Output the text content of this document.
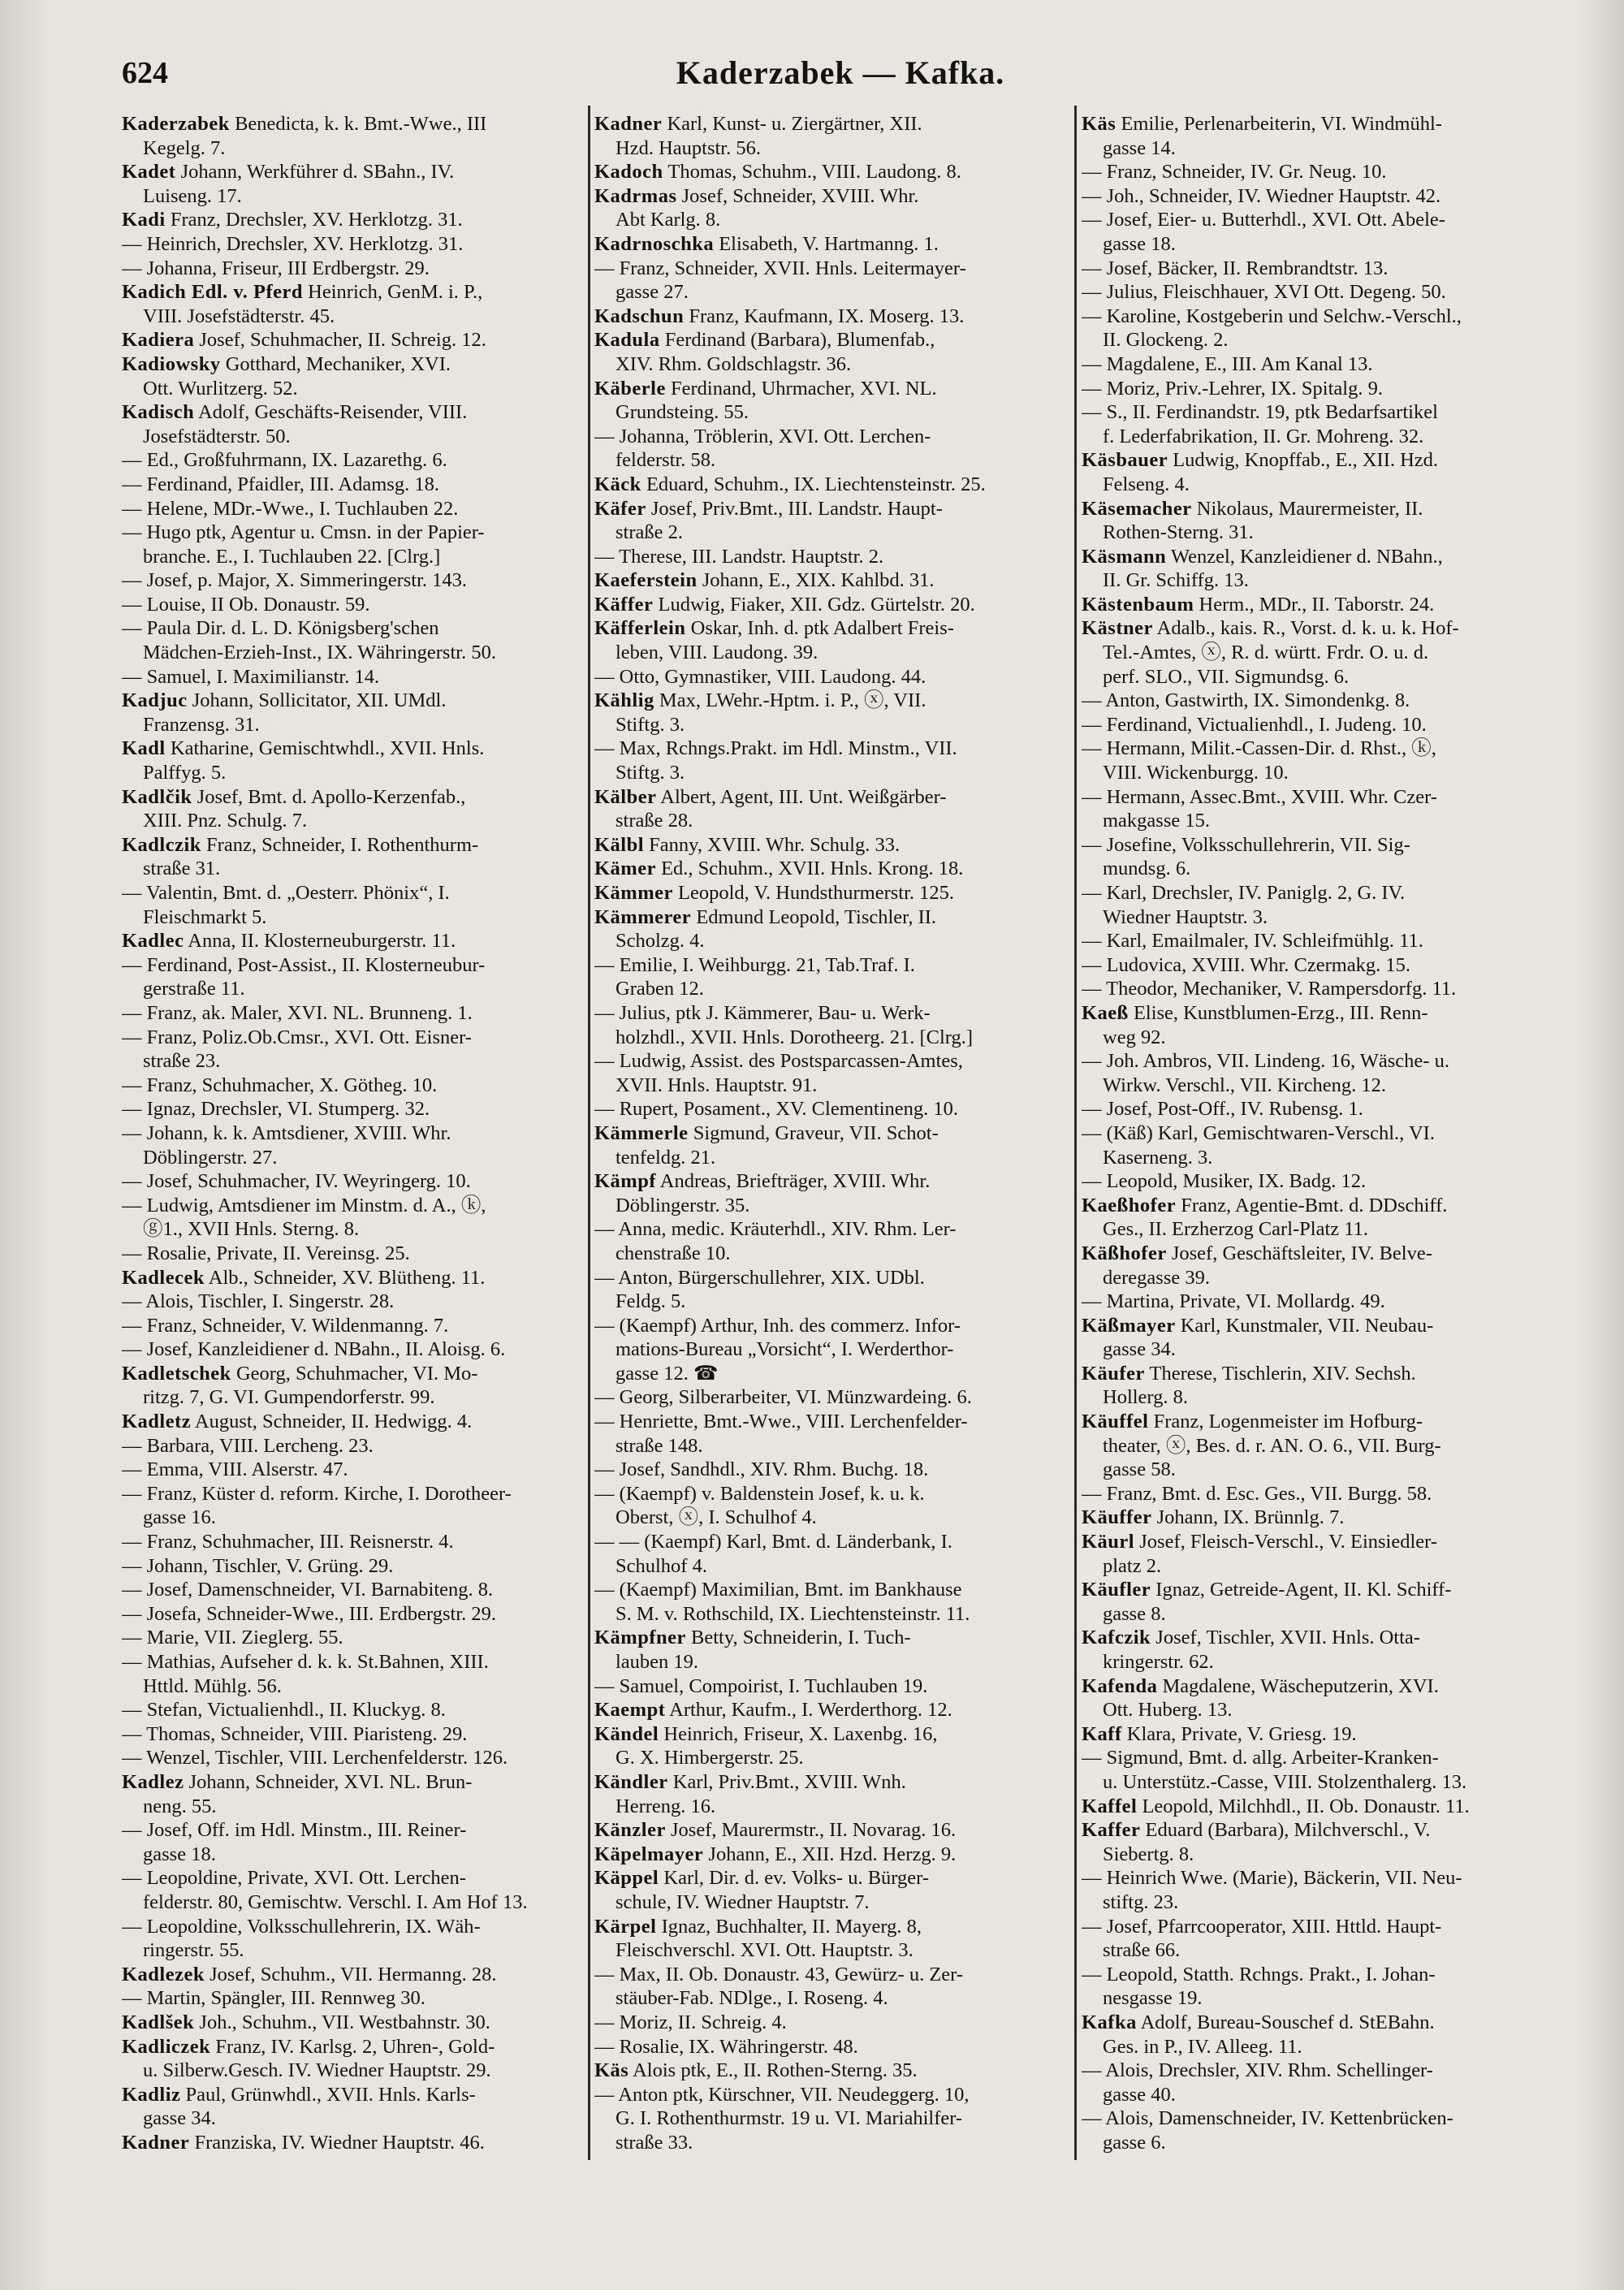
624	Kaderzabek — Kafka.
Kaderzabek Benedicta, k. k. Bmt.-Wwe., III
Kegelg. 7.
Kadet Johann, Werkführer d. SBahn., IV.
Luiseng. 17.
Kadi Franz, Drechsler, XV. Herklotzg. 31.
— Heinrich, Drechsler, XV. Herklotzg. 31.
— Johanna, Friseur, III Erdbergstr. 29.
Kadich Edl. v. Pferd Heinrich, GenM. i. P.,
VIII. Josefstädterstr. 45.
Kadiera Josef, Schuhmacher, II. Schreig. 12.
Kadiowsky Gotthard, Mechaniker, XVI.
Ott. Wurlitzerg. 52.
Kadisch Adolf, Geschäfts-Reisender, VIII.
Josefstädterstr. 50.
— Ed., Großfuhrmann, IX. Lazarethg. 6.
— Ferdinand, Pfaidler, III. Adamsg. 18.
— Helene, MDr.-Wwe., I. Tuchlauben 22.
— Hugo ptk, Agentur u. Cmsn. in der Papier-
branche. E., I. Tuchlauben 22. [Clrg.]
— Josef, p. Major, X. Simmeringerstr. 143.
— Louise, II Ob. Donaustr. 59.
— Paula Dir. d. L. D. Königsberg'schen
Mädchen-Erzieh-Inst., IX. Währingerstr. 50.
— Samuel, I. Maximilianstr. 14.
Kadjuc Johann, Sollicitator, XII. UMdl.
Franzensg. 31.
Kadl Katharine, Gemischtwhdl., XVII. Hnls.
Palffyg. 5.
Kadlčik Josef, Bmt. d. Apollo-Kerzenfab.,
XIII. Pnz. Schulg. 7.
Kadlczik Franz, Schneider, I. Rothenthurm-
straße 31.
— Valentin, Bmt. d. „Oesterr. Phönix“, I.
Fleischmarkt 5.
Kadlec Anna, II. Klosterneuburgerstr. 11.
— Ferdinand, Post-Assist., II. Klosterneubur-
gerstraße 11.
— Franz, ak. Maler, XVI. NL. Brunneng. 1.
— Franz, Poliz.Ob.Cmsr., XVI. Ott. Eisner-
straße 23.
— Franz, Schuhmacher, X. Götheg. 10.
— Ignaz, Drechsler, VI. Stumperg. 32.
— Johann, k. k. Amtsdiener, XVIII. Whr.
Döblingerstr. 27.
— Josef, Schuhmacher, IV. Weyringerg. 10.
— Ludwig, Amtsdiener im Minstm. d. A., ⓚ,
ⓖ1., XVII Hnls. Sterng. 8.
— Rosalie, Private, II. Vereinsg. 25.
Kadlecek Alb., Schneider, XV. Blütheng. 11.
— Alois, Tischler, I. Singerstr. 28.
— Franz, Schneider, V. Wildenmanng. 7.
— Josef, Kanzleidiener d. NBahn., II. Aloisg. 6.
Kadletschek Georg, Schuhmacher, VI. Mo-
ritzg. 7, G. VI. Gumpendorferstr. 99.
Kadletz August, Schneider, II. Hedwigg. 4.
— Barbara, VIII. Lercheng. 23.
— Emma, VIII. Alserstr. 47.
— Franz, Küster d. reform. Kirche, I. Dorotheer-
gasse 16.
— Franz, Schuhmacher, III. Reisnerstr. 4.
— Johann, Tischler, V. Grüng. 29.
— Josef, Damenschneider, VI. Barnabiteng. 8.
— Josefa, Schneider-Wwe., III. Erdbergstr. 29.
— Marie, VII. Zieglerg. 55.
— Mathias, Aufseher d. k. k. St.Bahnen, XIII.
Httld. Mühlg. 56.
— Stefan, Victualienhdl., II. Kluckyg. 8.
— Thomas, Schneider, VIII. Piaristeng. 29.
— Wenzel, Tischler, VIII. Lerchenfelderstr. 126.
Kadlez Johann, Schneider, XVI. NL. Brun-
neng. 55.
— Josef, Off. im Hdl. Minstm., III. Reiner-
gasse 18.
— Leopoldine, Private, XVI. Ott. Lerchen-
felderstr. 80, Gemischtw. Verschl. I. Am Hof 13.
— Leopoldine, Volksschullehrerin, IX. Wäh-
ringerstr. 55.
Kadlezek Josef, Schuhm., VII. Hermanng. 28.
— Martin, Spängler, III. Rennweg 30.
Kadlšek Joh., Schuhm., VII. Westbahnstr. 30.
Kadliczek Franz, IV. Karlsg. 2, Uhren-, Gold-
u. Silberw.Gesch. IV. Wiedner Hauptstr. 29.
Kadliz Paul, Grünwhdl., XVII. Hnls. Karls-
gasse 34.
Kadner Franziska, IV. Wiedner Hauptstr. 46.
Kadner Karl, Kunst- u. Ziergärtner, XII.
Hzd. Hauptstr. 56.
Kadoch Thomas, Schuhm., VIII. Laudong. 8.
Kadrmas Josef, Schneider, XVIII. Whr.
Abt Karlg. 8.
Kadrnoschka Elisabeth, V. Hartmanng. 1.
— Franz, Schneider, XVII. Hnls. Leitermayer-
gasse 27.
Kadschun Franz, Kaufmann, IX. Moserg. 13.
Kadula Ferdinand (Barbara), Blumenfab.,
XIV. Rhm. Goldschlagstr. 36.
Käberle Ferdinand, Uhrmacher, XVI. NL.
Grundsteing. 55.
— Johanna, Tröblerin, XVI. Ott. Lerchen-
felderstr. 58.
Käck Eduard, Schuhm., IX. Liechtensteinstr. 25.
Käfer Josef, Priv.Bmt., III. Landstr. Haupt-
straße 2.
— Therese, III. Landstr. Hauptstr. 2.
Kaeferstein Johann, E., XIX. Kahlbd. 31.
Käffer Ludwig, Fiaker, XII. Gdz. Gürtelstr. 20.
Käfferlein Oskar, Inh. d. ptk Adalbert Freis-
leben, VIII. Laudong. 39.
— Otto, Gymnastiker, VIII. Laudong. 44.
Kählig Max, LWehr.-Hptm. i. P., ⓧ, VII.
Stiftg. 3.
— Max, Rchngs.Prakt. im Hdl. Minstm., VII.
Stiftg. 3.
Kälber Albert, Agent, III. Unt. Weißgärber-
straße 28.
Kälbl Fanny, XVIII. Whr. Schulg. 33.
Kämer Ed., Schuhm., XVII. Hnls. Krong. 18.
Kämmer Leopold, V. Hundsthurmerstr. 125.
Kämmerer Edmund Leopold, Tischler, II.
Scholzg. 4.
— Emilie, I. Weihburgg. 21, Tab.Traf. I.
Graben 12.
— Julius, ptk J. Kämmerer, Bau- u. Werk-
holzhdl., XVII. Hnls. Dorotheerg. 21. [Clrg.]
— Ludwig, Assist. des Postsparcassen-Amtes,
XVII. Hnls. Hauptstr. 91.
— Rupert, Posament., XV. Clementineng. 10.
Kämmerle Sigmund, Graveur, VII. Schot-
tenfeldg. 21.
Kämpf Andreas, Briefträger, XVIII. Whr.
Döblingerstr. 35.
— Anna, medic. Kräuterhdl., XIV. Rhm. Ler-
chenstraße 10.
— Anton, Bürgerschullehrer, XIX. UDbl.
Feldg. 5.
— (Kaempf) Arthur, Inh. des commerz. Infor-
mations-Bureau „Vorsicht“, I. Werderthor-
gasse 12. ☎
— Georg, Silberarbeiter, VI. Münzwardeing. 6.
— Henriette, Bmt.-Wwe., VIII. Lerchenfelder-
straße 148.
— Josef, Sandhdl., XIV. Rhm. Buchg. 18.
— (Kaempf) v. Baldenstein Josef, k. u. k.
Oberst, ⓧ, I. Schulhof 4.
— — (Kaempf) Karl, Bmt. d. Länderbank, I.
Schulhof 4.
— (Kaempf) Maximilian, Bmt. im Bankhause
S. M. v. Rothschild, IX. Liechtensteinstr. 11.
Kämpfner Betty, Schneiderin, I. Tuch-
lauben 19.
— Samuel, Compoirist, I. Tuchlauben 19.
Kaempt Arthur, Kaufm., I. Werderthorg. 12.
Kändel Heinrich, Friseur, X. Laxenbg. 16,
G. X. Himbergerstr. 25.
Kändler Karl, Priv.Bmt., XVIII. Wnh.
Herreng. 16.
Känzler Josef, Maurermstr., II. Novarag. 16.
Käpelmayer Johann, E., XII. Hzd. Herzg. 9.
Käppel Karl, Dir. d. ev. Volks- u. Bürger-
schule, IV. Wiedner Hauptstr. 7.
Kärpel Ignaz, Buchhalter, II. Mayerg. 8,
Fleischverschl. XVI. Ott. Hauptstr. 3.
— Max, II. Ob. Donaustr. 43, Gewürz- u. Zer-
stäuber-Fab. NDlge., I. Roseng. 4.
— Moriz, II. Schreig. 4.
— Rosalie, IX. Währingerstr. 48.
Käs Alois ptk, E., II. Rothen-Sterng. 35.
— Anton ptk, Kürschner, VII. Neudeggerg. 10,
G. I. Rothenthurmstr. 19 u. VI. Mariahilfer-
straße 33.
Käs Emilie, Perlenarbeiterin, VI. Windmühl-
gasse 14.
— Franz, Schneider, IV. Gr. Neug. 10.
— Joh., Schneider, IV. Wiedner Hauptstr. 42.
— Josef, Eier- u. Butterhdl., XVI. Ott. Abele-
gasse 18.
— Josef, Bäcker, II. Rembrandtstr. 13.
— Julius, Fleischhauer, XVI Ott. Degeng. 50.
— Karoline, Kostgeberin und Selchw.-Verschl.,
II. Glockeng. 2.
— Magdalene, E., III. Am Kanal 13.
— Moriz, Priv.-Lehrer, IX. Spitalg. 9.
— S., II. Ferdinandstr. 19, ptk Bedarfsartikel
f. Lederfabrikation, II. Gr. Mohreng. 32.
Käsbauer Ludwig, Knopffab., E., XII. Hzd.
Felseng. 4.
Käsemacher Nikolaus, Maurermeister, II.
Rothen-Sterng. 31.
Käsmann Wenzel, Kanzleidiener d. NBahn.,
II. Gr. Schiffg. 13.
Kästenbaum Herm., MDr., II. Taborstr. 24.
Kästner Adalb., kais. R., Vorst. d. k. u. k. Hof-
Tel.-Amtes, ⓧ, R. d. württ. Frdr. O. u. d.
perf. SLO., VII. Sigmundsg. 6.
— Anton, Gastwirth, IX. Simondenkg. 8.
— Ferdinand, Victualienhdl., I. Judeng. 10.
— Hermann, Milit.-Cassen-Dir. d. Rhst., ⓚ,
VIII. Wickenburgg. 10.
— Hermann, Assec.Bmt., XVIII. Whr. Czer-
makgasse 15.
— Josefine, Volksschullehrerin, VII. Sig-
mundsg. 6.
— Karl, Drechsler, IV. Paniglg. 2, G. IV.
Wiedner Hauptstr. 3.
— Karl, Emailmaler, IV. Schleifmühlg. 11.
— Ludovica, XVIII. Whr. Czermakg. 15.
— Theodor, Mechaniker, V. Rampersdorfg. 11.
Kaeß Elise, Kunstblumen-Erzg., III. Renn-
weg 92.
— Joh. Ambros, VII. Lindeng. 16, Wäsche- u.
Wirkw. Verschl., VII. Kircheng. 12.
— Josef, Post-Off., IV. Rubensg. 1.
— (Käß) Karl, Gemischtwaren-Verschl., VI.
Kaserneng. 3.
— Leopold, Musiker, IX. Badg. 12.
Kaeßhofer Franz, Agentie-Bmt. d. DDschiff.
Ges., II. Erzherzog Carl-Platz 11.
Käßhofer Josef, Geschäftsleiter, IV. Belve-
deregasse 39.
— Martina, Private, VI. Mollardg. 49.
Käßmayer Karl, Kunstmaler, VII. Neubau-
gasse 34.
Käufer Therese, Tischlerin, XIV. Sechsh.
Hollerg. 8.
Käuffel Franz, Logenmeister im Hofburg-
theater, ⓧ, Bes. d. r. AN. O. 6., VII. Burg-
gasse 58.
— Franz, Bmt. d. Esc. Ges., VII. Burgg. 58.
Käuffer Johann, IX. Brünnlg. 7.
Käurl Josef, Fleisch-Verschl., V. Einsiedler-
platz 2.
Käufler Ignaz, Getreide-Agent, II. Kl. Schiff-
gasse 8.
Kafczik Josef, Tischler, XVII. Hnls. Otta-
kringerstr. 62.
Kafenda Magdalene, Wäscheputzerin, XVI.
Ott. Huberg. 13.
Kaff Klara, Private, V. Griesg. 19.
— Sigmund, Bmt. d. allg. Arbeiter-Kranken-
u. Unterstütz.-Casse, VIII. Stolzenthalerg. 13.
Kaffel Leopold, Milchhdl., II. Ob. Donaustr. 11.
Kaffer Eduard (Barbara), Milchverschl., V.
Siebertg. 8.
— Heinrich Wwe. (Marie), Bäckerin, VII. Neu-
stiftg. 23.
— Josef, Pfarrcooperator, XIII. Httld. Haupt-
straße 66.
— Leopold, Statth. Rchngs. Prakt., I. Johan-
nesgasse 19.
Kafka Adolf, Bureau-Souschef d. StEBahn.
Ges. in P., IV. Alleeg. 11.
— Alois, Drechsler, XIV. Rhm. Schellinger-
gasse 40.
— Alois, Damenschneider, IV. Kettenbrücken-
gasse 6.
